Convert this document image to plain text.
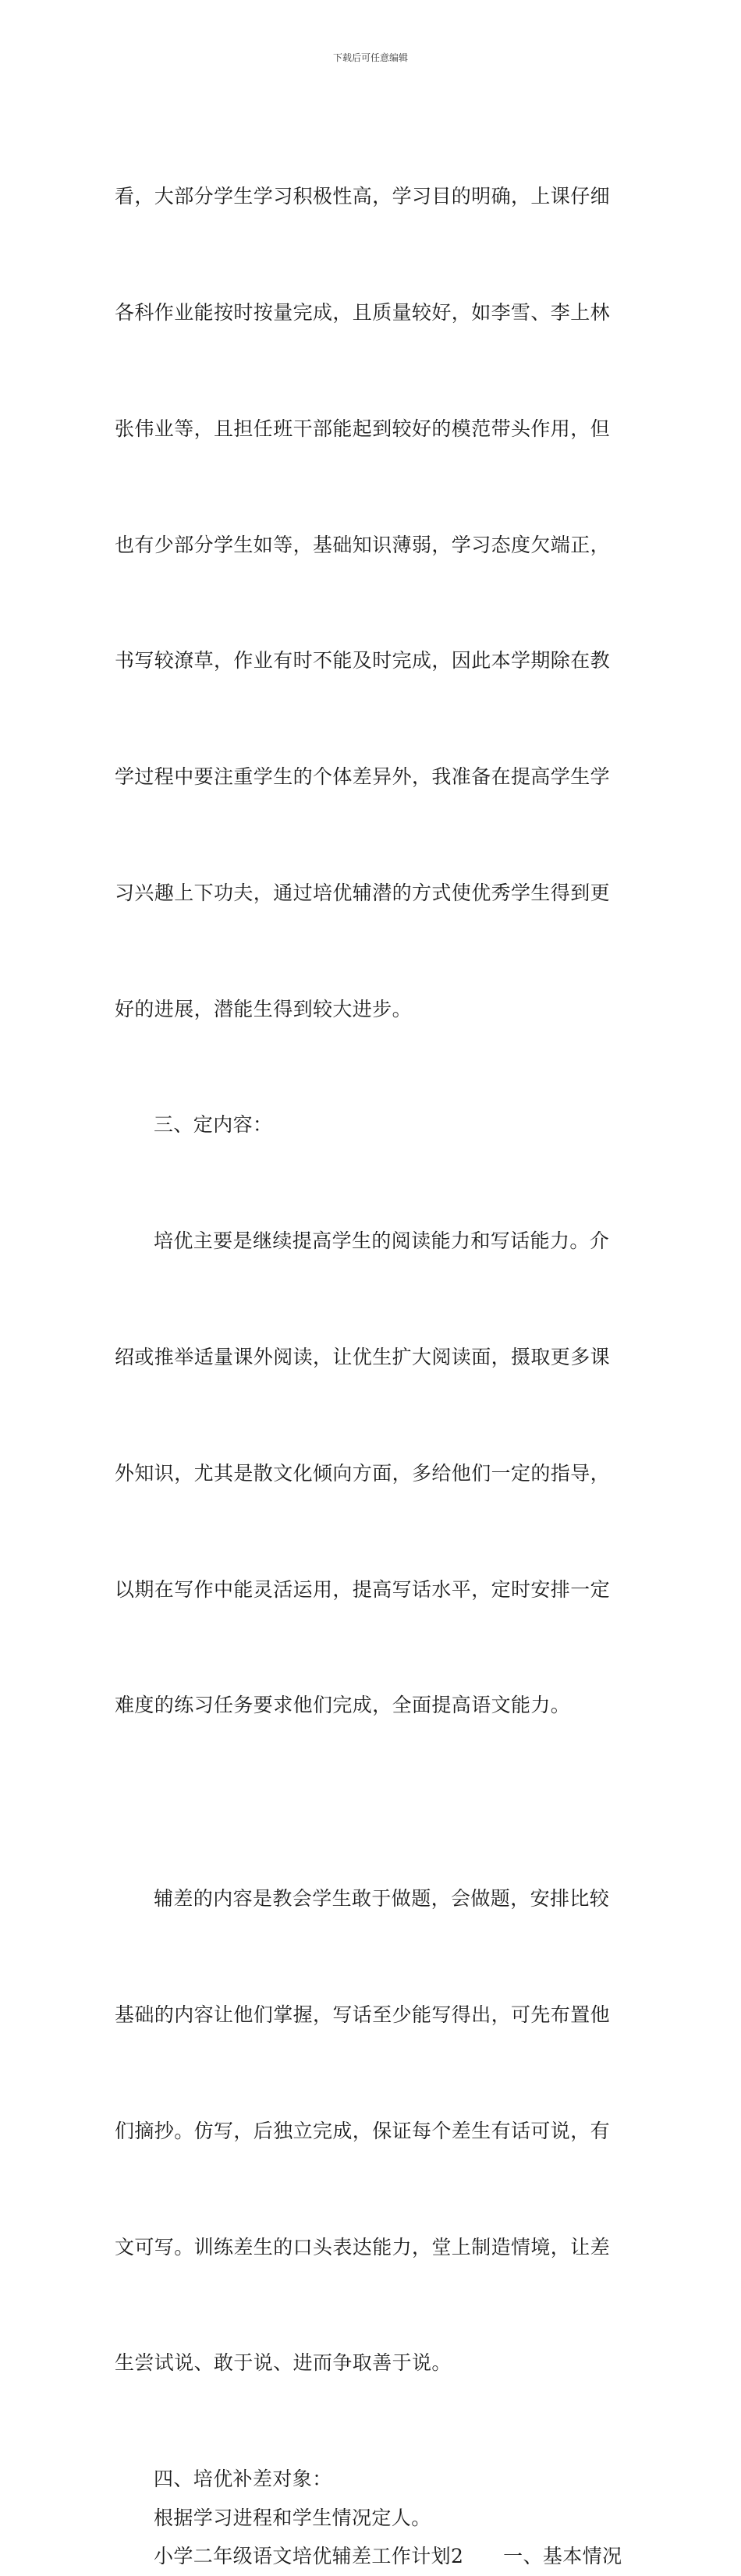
下载后可任意编辑

看，大部分学生学习积极性高，学习目的明确，上课仔细

各科作业能按时按量完成，且质量较好，如李雪、李上林

张伟业等，且担任班干部能起到较好的模范带头作用，但

也有少部分学生如等，基础知识薄弱，学习态度欠端正，

书写较潦草，作业有时不能及时完成，因此本学期除在教

学过程中要注重学生的个体差异外，我准备在提高学生学

习兴趣上下功夫，通过培优辅潜的方式使优秀学生得到更

好的进展，潜能生得到较大进步。

三、定内容：

培优主要是继续提高学生的阅读能力和写话能力。介

绍或推举适量课外阅读，让优生扩大阅读面，摄取更多课

外知识，尤其是散文化倾向方面，多给他们一定的指导，

以期在写作中能灵活运用，提高写话水平，定时安排一定

难度的练习任务要求他们完成，全面提高语文能力。

辅差的内容是教会学生敢于做题，会做题，安排比较

基础的内容让他们掌握，写话至少能写得出，可先布置他

们摘抄。仿写，后独立完成，保证每个差生有话可说，有

文可写。训练差生的口头表达能力，堂上制造情境，让差

生尝试说、敢于说、进而争取善于说。

四、培优补差对象：

根据学习进程和学生情况定人。

小学二年级语文培优辅差工作计划2　　一、基本情况
